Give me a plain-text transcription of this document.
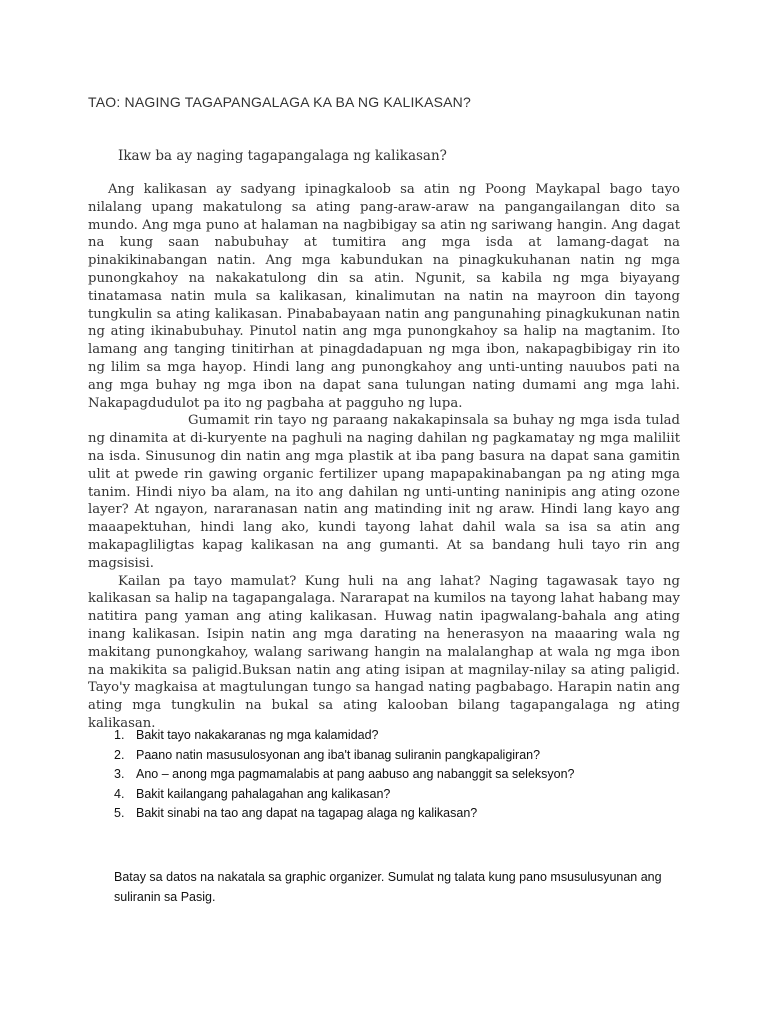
TAO: NAGING TAGAPANGALAGA KA BA NG KALIKASAN?
Ikaw ba ay naging tagapangalaga ng kalikasan?

Ang kalikasan ay sadyang ipinagkaloob sa atin ng Poong Maykapal bago tayo nilalang upang makatulong sa ating pang-araw-araw na pangangailangan dito sa mundo. Ang mga puno at halaman na nagbibigay sa atin ng sariwang hangin. Ang dagat na kung saan nabubuhay at tumitira ang mga isda at lamang-dagat na pinakikinabangan natin. Ang mga kabundukan na pinagkukuhanan natin ng mga punongkahoy na nakakatulong din sa atin. Ngunit, sa kabila ng mga biyayang tinatamasa natin mula sa kalikasan, kinalimutan na natin na mayroon din tayong tungkulin sa ating kalikasan. Pinababayaan natin ang pangunahing pinagkukunan natin ng ating ikinabubuhay. Pinutol natin ang mga punongkahoy sa halip na magtanim. Ito lamang ang tanging tinitirhan at pinagdadapuan ng mga ibon, nakapagbibigay rin ito ng lilim sa mga hayop. Hindi lang ang punongkahoy ang unti-unting nauubos pati na ang mga buhay ng mga ibon na dapat sana tulungan nating dumami ang mga lahi. Nakapagdudulot pa ito ng pagbaha at pagguho ng lupa.

Gumamit rin tayo ng paraang nakakapinsala sa buhay ng mga isda tulad ng dinamita at di-kuryente na paghuli na naging dahilan ng pagkamatay ng mga maliliit na isda. Sinusunog din natin ang mga plastik at iba pang basura na dapat sana gamitin ulit at pwede rin gawing organic fertilizer upang mapapakinabangan pa ng ating mga tanim. Hindi niyo ba alam, na ito ang dahilan ng unti-unting naninipis ang ating ozone layer? At ngayon, nararanasan natin ang matinding init ng araw. Hindi lang kayo ang maaapektuhan, hindi lang ako, kundi tayong lahat dahil wala sa isa sa atin ang makapagliligtas kapag kalikasan na ang gumanti. At sa bandang huli tayo rin ang magsisisi.

Kailan pa tayo mamulat? Kung huli na ang lahat? Naging tagawasak tayo ng kalikasan sa halip na tagapangalaga. Nararapat na kumilos na tayong lahat habang may natitira pang yaman ang ating kalikasan. Huwag natin ipagwalang-bahala ang ating inang kalikasan. Isipin natin ang mga darating na henerasyon na maaaring wala ng makitang punongkahoy, walang sariwang hangin na malalanghap at wala ng mga ibon na makikita sa paligid.Buksan natin ang ating isipan at magnilay-nilay sa ating paligid. Tayo'y magkaisa at magtulungan tungo sa hangad nating pagbabago. Harapin natin ang ating mga tungkulin na bukal sa ating kalooban bilang tagapangalaga ng ating kalikasan.

1. Bakit tayo nakakaranas ng mga kalamidad?
2. Paano natin masusulosyonan ang iba't ibanag suliranin pangkapaligiran?
3. Ano – anong mga pagmamalabis at pang aabuso ang nabanggit sa seleksyon?
4. Bakit kailangang pahalagahan ang kalikasan?
5. Bakit sinabi na tao ang dapat na tagapag alaga ng kalikasan?
Batay sa datos na nakatala sa graphic organizer. Sumulat ng talata kung pano msusulusyunan ang suliranin sa Pasig.
